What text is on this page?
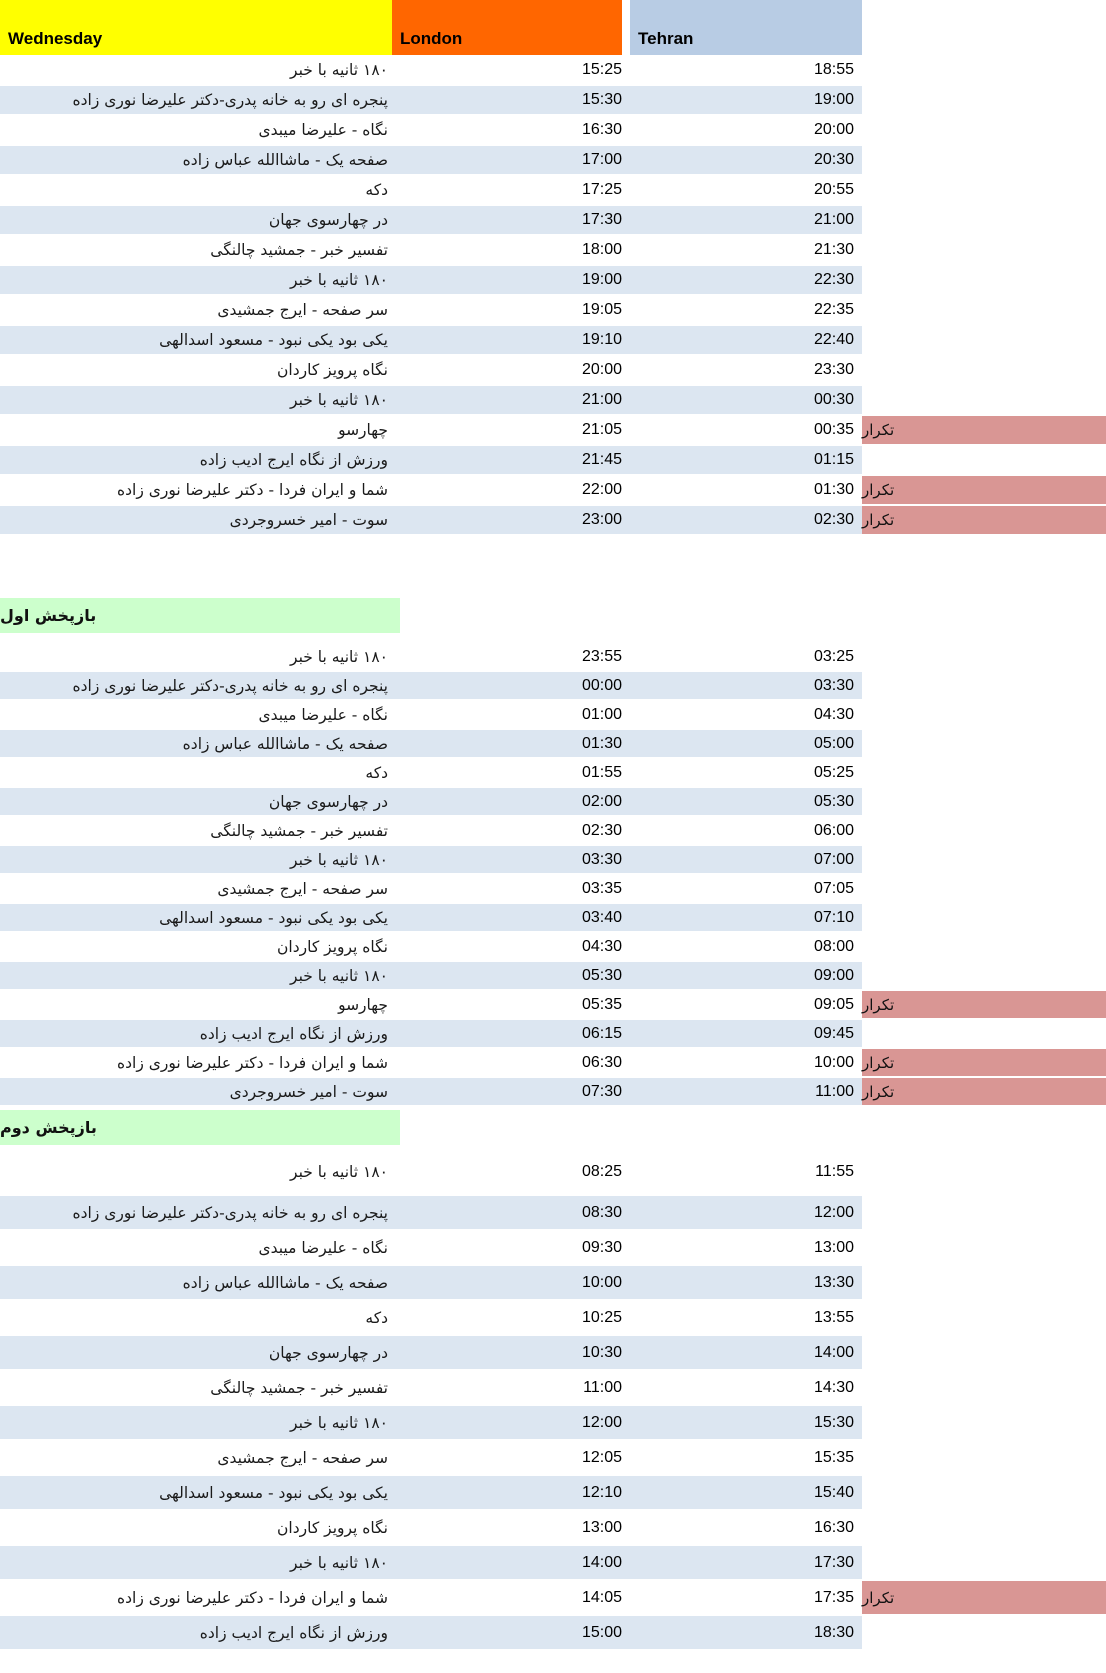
Wednesday	London	Tehran
۱۸۰ ثانیه با خبر	15:25	18:55
پنجره ای رو به خانه پدری-دکتر علیرضا نوری زاده	15:30	19:00
نگاه - علیرضا میبدی	16:30	20:00
صفحه یک - ماشاالله عباس زاده	17:00	20:30
دکه	17:25	20:55
در چهارسوی جهان	17:30	21:00
تفسیر خبر - جمشید چالنگی	18:00	21:30
۱۸۰ ثانیه با خبر	19:00	22:30
سر صفحه - ایرج جمشیدی	19:05	22:35
یکی بود یکی نبود - مسعود اسدالهی	19:10	22:40
نگاه پرویز کاردان	20:00	23:30
۱۸۰ ثانیه با خبر	21:00	00:30
چهارسو	21:05	00:35 تکرار
ورزش از نگاه ایرج ادیب زاده	21:45	01:15
شما و ایران فردا - دکتر علیرضا نوری زاده	22:00	01:30 تکرار
سوت - امیر خسروجردی	23:00	02:30 تکرار
بازپخش اول
۱۸۰ ثانیه با خبر	23:55	03:25
پنجره ای رو به خانه پدری-دکتر علیرضا نوری زاده	00:00	03:30
نگاه - علیرضا میبدی	01:00	04:30
صفحه یک - ماشاالله عباس زاده	01:30	05:00
دکه	01:55	05:25
در چهارسوی جهان	02:00	05:30
تفسیر خبر - جمشید چالنگی	02:30	06:00
۱۸۰ ثانیه با خبر	03:30	07:00
سر صفحه - ایرج جمشیدی	03:35	07:05
یکی بود یکی نبود - مسعود اسدالهی	03:40	07:10
نگاه پرویز کاردان	04:30	08:00
۱۸۰ ثانیه با خبر	05:30	09:00
چهارسو	05:35	09:05 تکرار
ورزش از نگاه ایرج ادیب زاده	06:15	09:45
شما و ایران فردا - دکتر علیرضا نوری زاده	06:30	10:00 تکرار
سوت - امیر خسروجردی	07:30	11:00 تکرار
بازپخش دوم
۱۸۰ ثانیه با خبر	08:25	11:55
پنجره ای رو به خانه پدری-دکتر علیرضا نوری زاده	08:30	12:00
نگاه - علیرضا میبدی	09:30	13:00
صفحه یک - ماشاالله عباس زاده	10:00	13:30
دکه	10:25	13:55
در چهارسوی جهان	10:30	14:00
تفسیر خبر - جمشید چالنگی	11:00	14:30
۱۸۰ ثانیه با خبر	12:00	15:30
سر صفحه - ایرج جمشیدی	12:05	15:35
یکی بود یکی نبود - مسعود اسدالهی	12:10	15:40
نگاه پرویز کاردان	13:00	16:30
۱۸۰ ثانیه با خبر	14:00	17:30
شما و ایران فردا - دکتر علیرضا نوری زاده	14:05	17:35 تکرار
ورزش از نگاه ایرج ادیب زاده	15:00	18:30
